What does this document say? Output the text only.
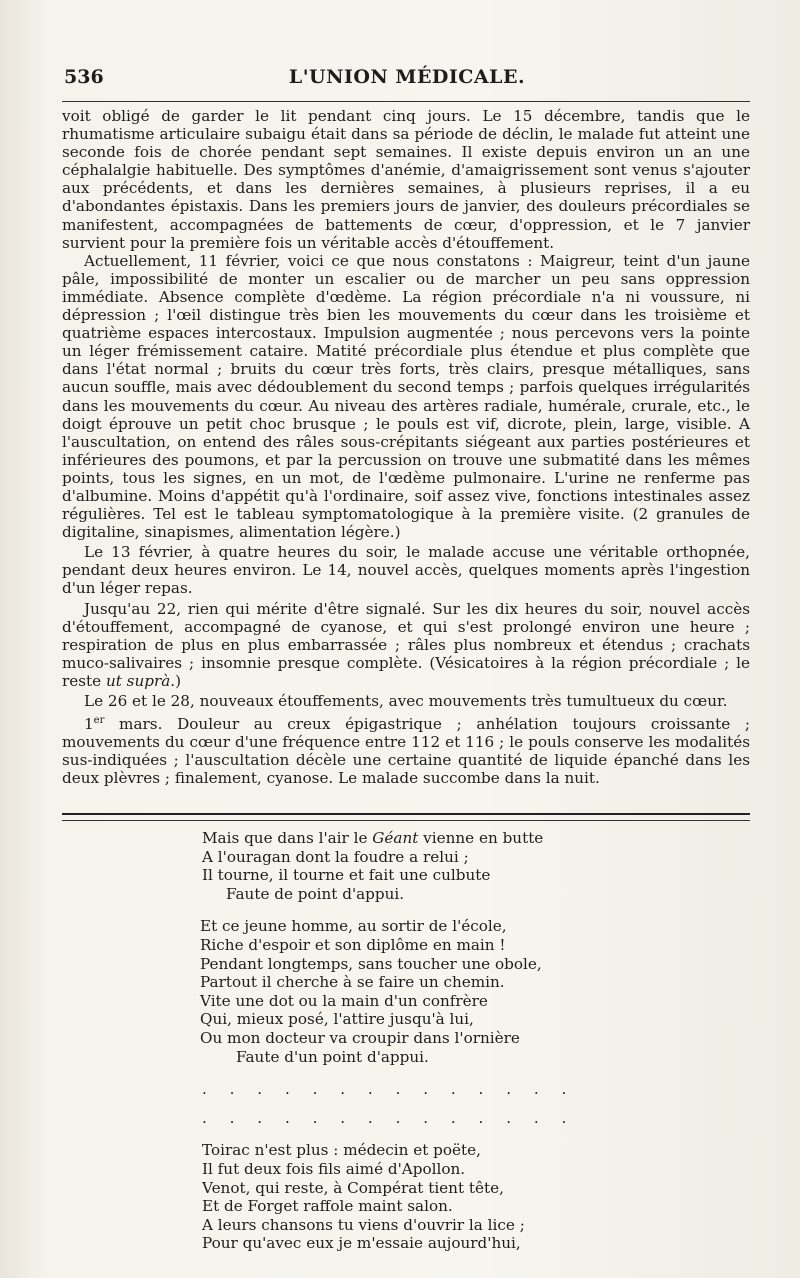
536	L'UNION MÉDICALE.

voit obligé de garder le lit pendant cinq jours. Le 15 décembre, tandis que le rhumatisme articulaire subaigu était dans sa période de déclin, le malade fut atteint une seconde fois de chorée pendant sept semaines. Il existe depuis environ un an une céphalalgie habituelle. Des symptômes d'anémie, d'amaigrissement sont venus s'ajouter aux précédents, et dans les dernières semaines, à plusieurs reprises, il a eu d'abondantes épistaxis. Dans les premiers jours de janvier, des douleurs précordiales se manifestent, accompagnées de battements de cœur, d'oppression, et le 7 janvier survient pour la première fois un véritable accès d'étouffement.

Actuellement, 11 février, voici ce que nous constatons : Maigreur, teint d'un jaune pâle, impossibilité de monter un escalier ou de marcher un peu sans oppression immédiate. Absence complète d'œdème. La région précordiale n'a ni voussure, ni dépression ; l'œil distingue très bien les mouvements du cœur dans les troisième et quatrième espaces intercostaux. Impulsion augmentée ; nous percevons vers la pointe un léger frémissement cataire. Matité précordiale plus étendue et plus complète que dans l'état normal ; bruits du cœur très forts, très clairs, presque métalliques, sans aucun souffle, mais avec dédoublement du second temps ; parfois quelques irrégularités dans les mouvements du cœur. Au niveau des artères radiale, humérale, crurale, etc., le doigt éprouve un petit choc brusque ; le pouls est vif, dicrote, plein, large, visible. A l'auscultation, on entend des râles sous-crépitants siégeant aux parties postérieures et inférieures des poumons, et par la percussion on trouve une submatité dans les mêmes points, tous les signes, en un mot, de l'œdème pulmonaire. L'urine ne renferme pas d'albumine. Moins d'appétit qu'à l'ordinaire, soif assez vive, fonctions intestinales assez régulières. Tel est le tableau symptomatologique à la première visite. (2 granules de digitaline, sinapismes, alimentation légère.)

Le 13 février, à quatre heures du soir, le malade accuse une véritable orthopnée, pendant deux heures environ. Le 14, nouvel accès, quelques moments après l'ingestion d'un léger repas.

Jusqu'au 22, rien qui mérite d'être signalé. Sur les dix heures du soir, nouvel accès d'étouffement, accompagné de cyanose, et qui s'est prolongé environ une heure ; respiration de plus en plus embarrassée ; râles plus nombreux et étendus ; crachats muco-salivaires ; insomnie presque complète. (Vésicatoires à la région précordiale ; le reste ut suprà.)

Le 26 et le 28, nouveaux étouffements, avec mouvements très tumultueux du cœur.

1er mars. Douleur au creux épigastrique ; anhélation toujours croissante ; mouvements du cœur d'une fréquence entre 112 et 116 ; le pouls conserve les modalités sus-indiquées ; l'auscultation décèle une certaine quantité de liquide épanché dans les deux plèvres ; finalement, cyanose. Le malade succombe dans la nuit.

Mais que dans l'air le Géant vienne en butte
A l'ouragan dont la foudre a relui ;
Il tourne, il tourne et fait une culbute
Faute de point d'appui.
Et ce jeune homme, au sortir de l'école,
Riche d'espoir et son diplôme en main !
Pendant longtemps, sans toucher une obole,
Partout il cherche à se faire un chemin.
Vite une dot ou la main d'un confrère
Qui, mieux posé, l'attire jusqu'à lui,
Ou mon docteur va croupir dans l'ornière
Faute d'un point d'appui.
. . . . . . . . . . . . . .
. . . . . . . . . . . . . .
Toirac n'est plus : médecin et poëte,
Il fut deux fois fils aimé d'Apollon.
Venot, qui reste, à Compérat tient tête,
Et de Forget raffole maint salon.
A leurs chansons tu viens d'ouvrir la lice ;
Pour qu'avec eux je m'essaie aujourd'hui,
